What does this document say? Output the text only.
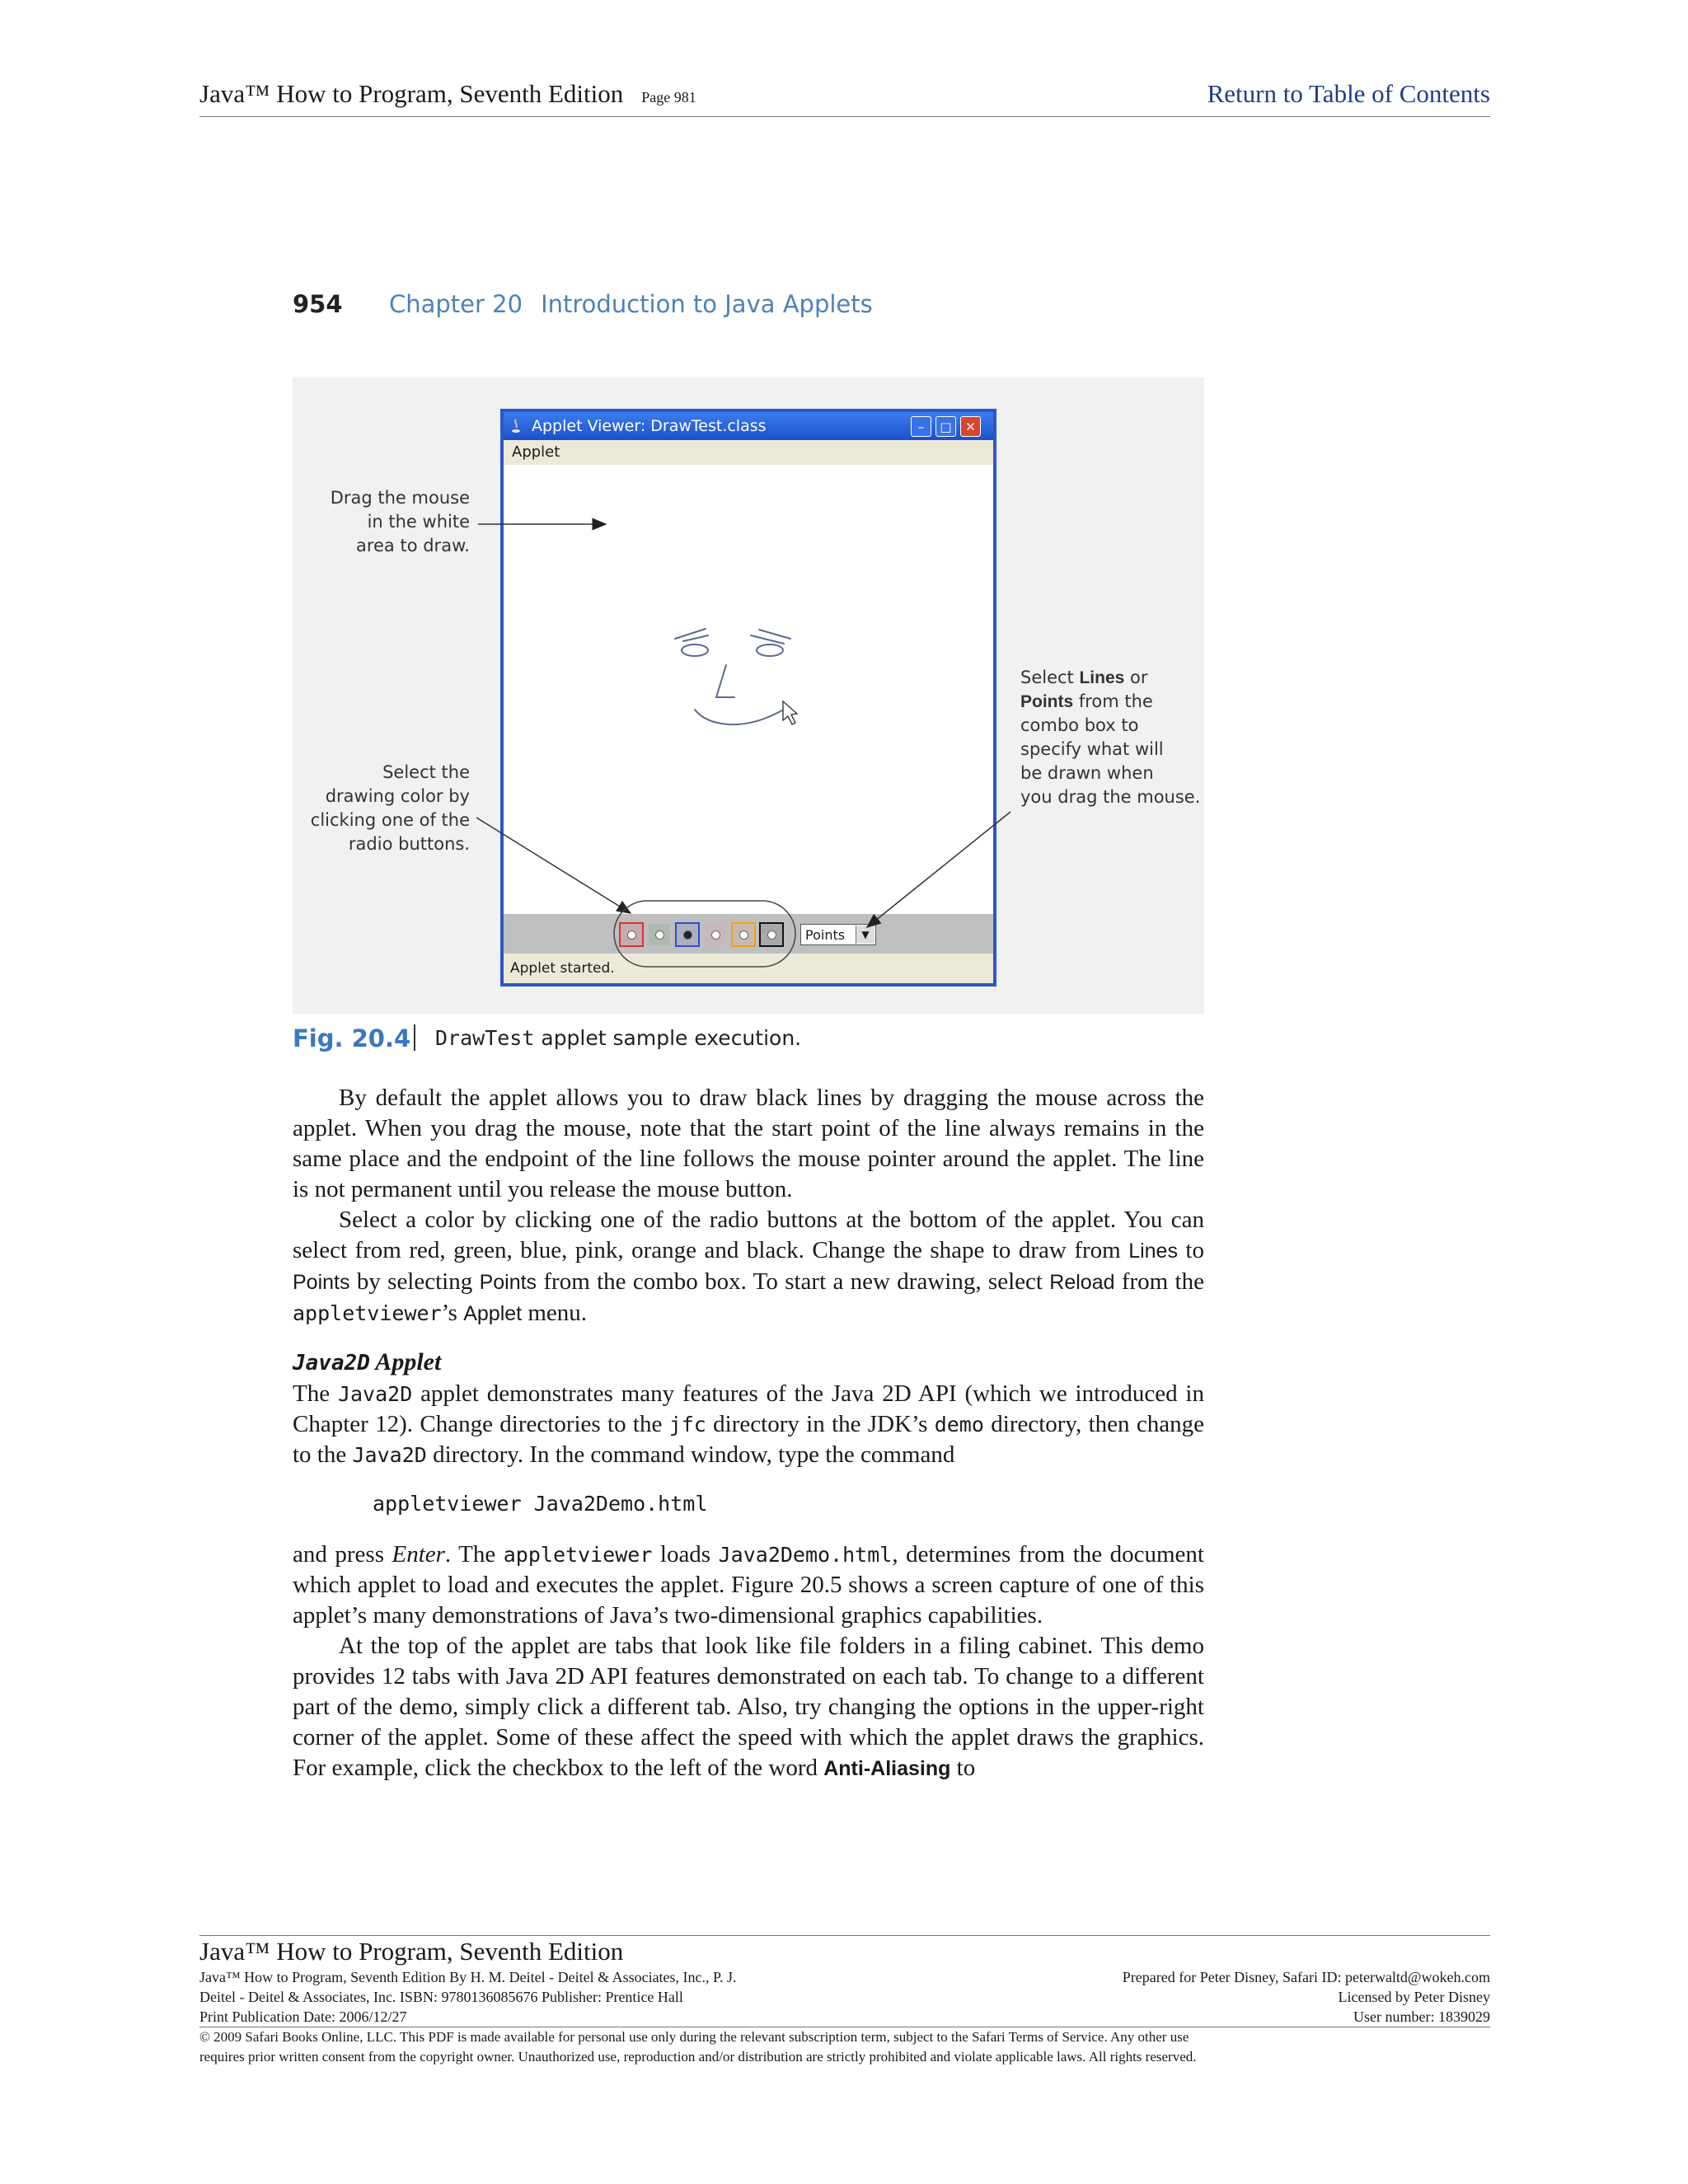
Java™ How to Program, Seventh Edition Page 981	Return to Table of Contents
954 Chapter 20 Introduction to Java Applets
Drag the mouse
in the white
area to draw.
Select the
drawing color by
clicking one of the
radio buttons.
Select Lines or
Points from the
combo box to
specify what will
be drawn when
you drag the mouse.
Applet Viewer: DrawTest.class	–	□	✕
Applet
Points	▼
Applet started.
Fig. 20.4 DrawTest applet sample execution.
By default the applet allows you to draw black lines by dragging the mouse across the applet. When you drag the mouse, note that the start point of the line always remains in the same place and the endpoint of the line follows the mouse pointer around the applet. The line is not permanent until you release the mouse button.
Select a color by clicking one of the radio buttons at the bottom of the applet. You can select from red, green, blue, pink, orange and black. Change the shape to draw from Lines to Points by selecting Points from the combo box. To start a new drawing, select Reload from the appletviewer’s Applet menu.
Java2D Applet
The Java2D applet demonstrates many features of the Java 2D API (which we introduced in Chapter 12). Change directories to the jfc directory in the JDK’s demo directory, then change to the Java2D directory. In the command window, type the command
appletviewer Java2Demo.html
and press Enter. The appletviewer loads Java2Demo.html, determines from the document which applet to load and executes the applet. Figure 20.5 shows a screen capture of one of this applet’s many demonstrations of Java’s two-dimensional graphics capabilities.
At the top of the applet are tabs that look like file folders in a filing cabinet. This demo provides 12 tabs with Java 2D API features demonstrated on each tab. To change to a different part of the demo, simply click a different tab. Also, try changing the options in the upper-right corner of the applet. Some of these affect the speed with which the applet draws the graphics. For example, click the checkbox to the left of the word Anti-Aliasing to
Java™ How to Program, Seventh Edition
Java™ How to Program, Seventh Edition By H. M. Deitel - Deitel & Associates, Inc., P. J.
Deitel - Deitel & Associates, Inc. ISBN: 9780136085676 Publisher: Prentice Hall
Print Publication Date: 2006/12/27
Prepared for Peter Disney, Safari ID: peterwaltd@wokeh.com
Licensed by Peter Disney
User number: 1839029
© 2009 Safari Books Online, LLC. This PDF is made available for personal use only during the relevant subscription term, subject to the Safari Terms of Service. Any other use
requires prior written consent from the copyright owner. Unauthorized use, reproduction and/or distribution are strictly prohibited and violate applicable laws. All rights reserved.
